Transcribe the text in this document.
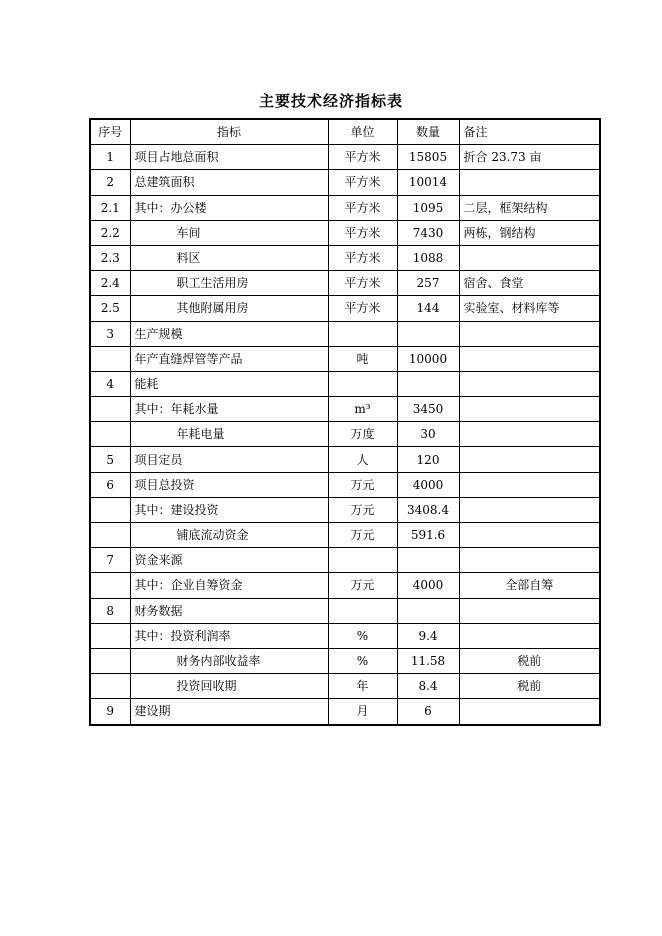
主要技术经济指标表
序号	指标	单位	数量	备注
1	项目占地总面积	平方米	15805	折合 23.73 亩
2	总建筑面积	平方米	10014	
2.1	其中：办公楼	平方米	1095	二层，框架结构
2.2	车间	平方米	7430	两栋，钢结构
2.3	料区	平方米	1088	
2.4	职工生活用房	平方米	257	宿舍、食堂
2.5	其他附属用房	平方米	144	实验室、材料库等
3	生产规模			
	年产直缝焊管等产品	吨	10000	
4	能耗			
	其中：年耗水量	m³	3450	
	年耗电量	万度	30	
5	项目定员	人	120	
6	项目总投资	万元	4000	
	其中：建设投资	万元	3408.4	
	铺底流动资金	万元	591.6	
7	资金来源			
	其中：企业自筹资金	万元	4000	全部自筹
8	财务数据			
	其中：投资利润率	%	9.4	
	财务内部收益率	%	11.58	税前
	投资回收期	年	8.4	税前
9	建设期	月	6	
